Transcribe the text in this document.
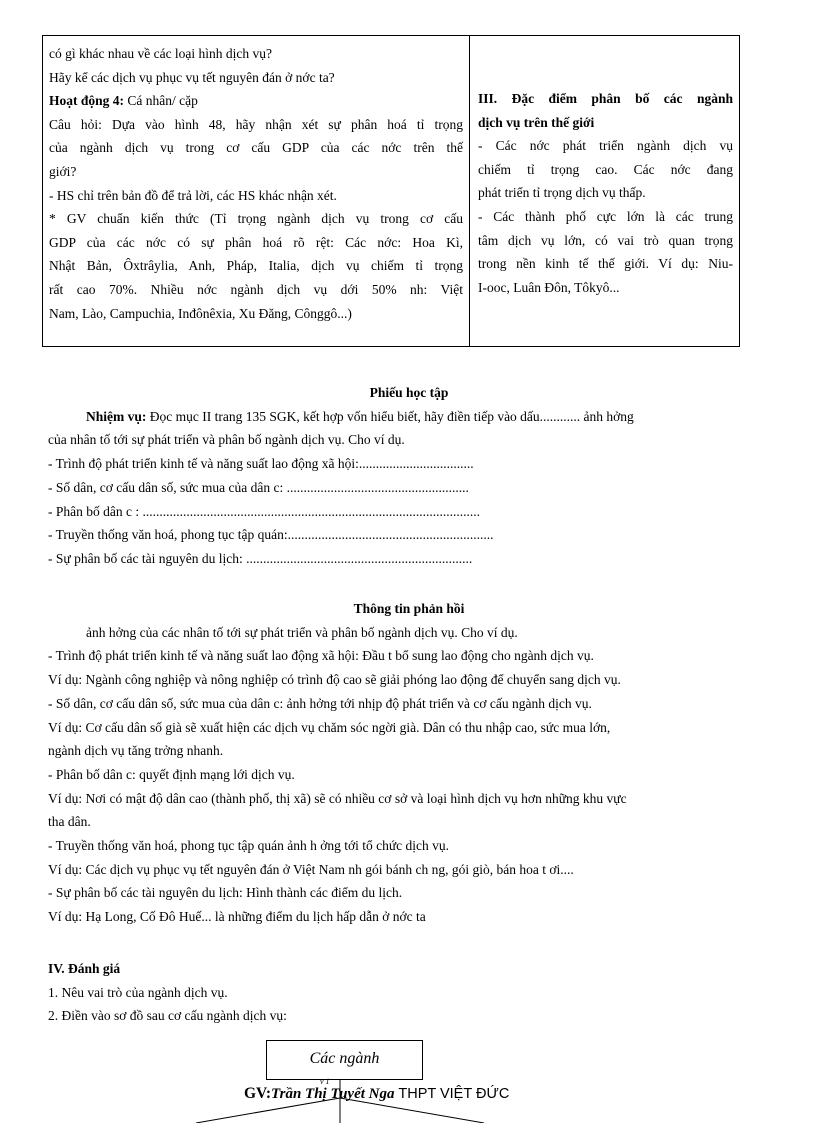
có gì khác nhau về các loại hình dịch vụ?
Hãy kể các dịch vụ phục vụ tết nguyên đán ở nớc ta?
Hoạt động 4: Cá nhân/ cặp
Câu hỏi: Dựa vào hình 48, hãy nhận xét sự phân hoá tỉ trọng
của ngành dịch vụ trong cơ cấu GDP của các nớc trên thế
giới?
- HS chỉ trên bản đồ để trả lời, các HS khác nhận xét.
* GV chuẩn kiến thức (Tỉ trọng ngành dịch vụ trong cơ cấu
GDP của các nớc có sự phân hoá rõ rệt: Các nớc: Hoa Kì,
Nhật Bản, Ôxtrâylia, Anh, Pháp, Italia, dịch vụ chiếm tỉ trọng
rất cao 70%. Nhiều nớc ngành dịch vụ dới 50% nh: Việt
Nam, Lào, Campuchia, Inđônêxia, Xu Đăng, Cônggô...)
III. Đặc điểm phân bố các ngành
dịch vụ trên thế giới
- Các nớc phát triển ngành dịch vụ
chiếm tỉ trọng cao. Các nớc đang
phát triển tỉ trọng dịch vụ thấp.
- Các thành phố cực lớn là các trung
tâm dịch vụ lớn, có vai trò quan trọng
trong nền kinh tế thế giới. Ví dụ: Niu-
I-ooc, Luân Đôn, Tôkyô...
Phiếu học tập
Nhiệm vụ: Đọc mục II trang 135 SGK, kết hợp vốn hiểu biết, hãy điền tiếp vào dấu............ ảnh hởng
của nhân tố tới sự phát triển và phân bố ngành dịch vụ. Cho ví dụ.
- Trình độ phát triển kinh tế và năng suất lao động xã hội:..................................
- Số dân, cơ cấu dân số, sức mua của dân c: ......................................................
- Phân bố dân c : ....................................................................................................
- Truyền thống văn hoá, phong tục tập quán:.............................................................
- Sự phân bố các tài nguyên du lịch: ...................................................................
Thông tin phản hồi
ảnh hởng của các nhân tố tới sự phát triển và phân bố ngành dịch vụ. Cho ví dụ.
- Trình độ phát triển kinh tế và năng suất lao động xã hội: Đầu t bổ sung lao động cho ngành dịch vụ.
Ví dụ: Ngành công nghiệp và nông nghiệp có trình độ cao sẽ giải phóng lao động để chuyển sang dịch vụ.
- Số dân, cơ cấu dân số, sức mua của dân c: ảnh hởng tới nhịp độ phát triển và cơ cấu ngành dịch vụ.
Ví dụ: Cơ cấu dân số già sẽ xuất hiện các dịch vụ chăm sóc ngời già. Dân có thu nhập cao, sức mua lớn,
ngành dịch vụ tăng trởng nhanh.
- Phân bố dân c: quyết định mạng lới dịch vụ.
Ví dụ: Nơi có mật độ dân cao (thành phố, thị xã) sẽ có nhiều cơ sở và loại hình dịch vụ hơn những khu vực
tha dân.
- Truyền thống văn hoá, phong tục tập quán ảnh h ởng tới tổ chức dịch vụ.
Ví dụ: Các dịch vụ phục vụ tết nguyên đán ở Việt Nam nh gói bánh ch ng, gói giò, bán hoa t ơi....
- Sự phân bố các tài nguyên du lịch: Hình thành các điểm du lịch.
Ví dụ: Hạ Long, Cố Đô Huế... là những điểm du lịch hấp dẫn ở nớc ta
IV. Đánh giá
1. Nêu vai trò của ngành dịch vụ.
2. Điền vào sơ đồ sau cơ cấu ngành dịch vụ:
Các ngành
v 1
GV:Trần Thị Tuyết Nga THPT VIỆT ĐỨC
